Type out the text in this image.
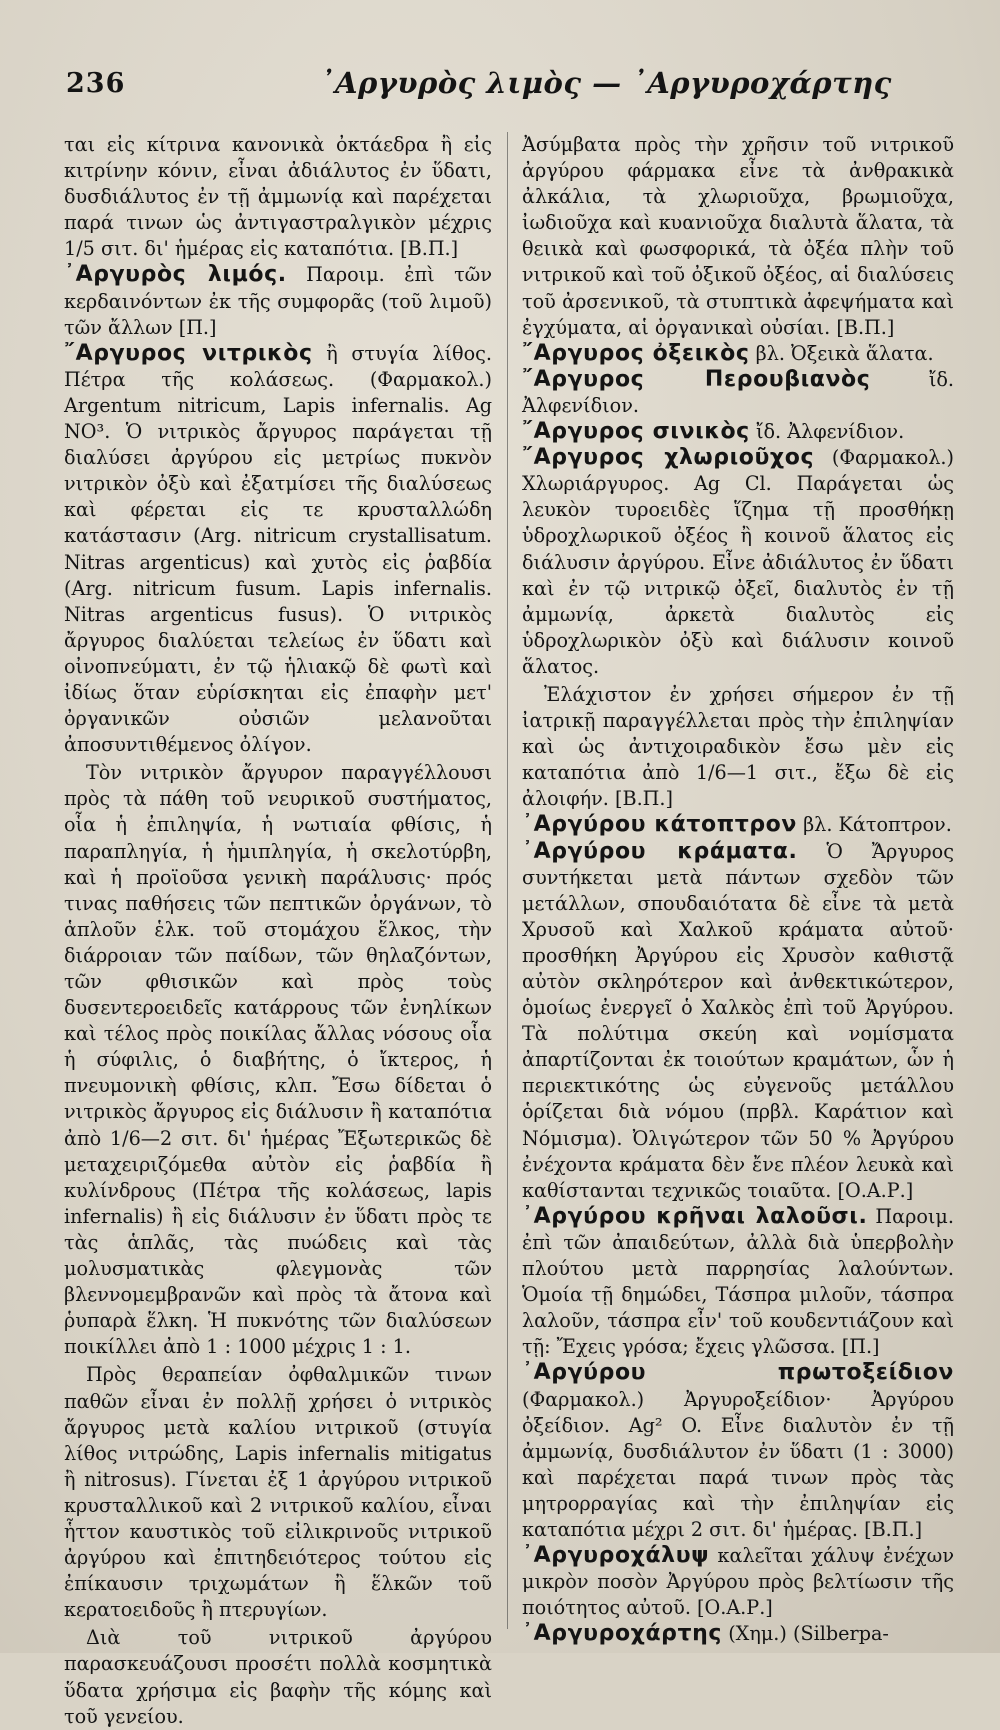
236	᾿Αργυρὸς λιμὸς — ᾿Αργυροχάρτης

ται εἰς κίτρινα κανονικὰ ὀκτάεδρα ἢ εἰς κιτρίνην κόνιν, εἶναι ἀδιάλυτος ἐν ὕδατι, δυσδιάλυτος ἐν τῇ ἀμμωνίᾳ καὶ παρέχεται παρά τινων ὡς ἀντιγαστραλγικὸν μέχρις 1/5 σιτ. δι' ἡμέρας εἰς καταπότια. [Β.Π.]

᾿Αργυρὸς λιμός. Παροιμ. ἐπὶ τῶν κερδαινόντων ἐκ τῆς συμφορᾶς (τοῦ λιμοῦ) τῶν ἄλλων [Π.]

῎Αργυρος νιτρικὸς ἢ στυγία λίθος. Πέτρα τῆς κολάσεως. (Φαρμακολ.) Argentum nitricum, Lapis infernalis. Ag NO³. Ὁ νιτρικὸς ἄργυρος παράγεται τῇ διαλύσει ἀργύρου εἰς μετρίως πυκνὸν νιτρικὸν ὀξὺ καὶ ἐξατμίσει τῆς διαλύσεως καὶ φέρεται εἰς τε κρυσταλλώδη κατάστασιν (Arg. nitricum crystallisatum. Nitras argenticus) καὶ χυτὸς εἰς ῥαβδία (Arg. nitricum fusum. Lapis infernalis. Nitras argenticus fusus). Ὁ νιτρικὸς ἄργυρος διαλύεται τελείως ἐν ὕδατι καὶ οἰνοπνεύματι, ἐν τῷ ἡλιακῷ δὲ φωτὶ καὶ ἰδίως ὅταν εὑρίσκηται εἰς ἐπαφὴν μετ' ὀργανικῶν οὐσιῶν μελανοῦται ἀποσυντιθέμενος ὀλίγον.

Τὸν νιτρικὸν ἄργυρον παραγγέλλουσι πρὸς τὰ πάθη τοῦ νευρικοῦ συστήματος, οἷα ἡ ἐπιληψία, ἡ νωτιαία φθίσις, ἡ παραπληγία, ἡ ἡμιπληγία, ἡ σκελοτύρβη, καὶ ἡ προϊοῦσα γενικὴ παράλυσις· πρός τινας παθήσεις τῶν πεπτικῶν ὀργάνων, τὸ ἁπλοῦν ἑλκ. τοῦ στομάχου ἕλκος, τὴν διάρροιαν τῶν παίδων, τῶν θηλαζόντων, τῶν φθισικῶν καὶ πρὸς τοὺς δυσεντεροειδεῖς κατάρρους τῶν ἐνηλίκων καὶ τέλος πρὸς ποικίλας ἄλλας νόσους οἷα ἡ σύφιλις, ὁ διαβήτης, ὁ ἴκτερος, ἡ πνευμονικὴ φθίσις, κλπ. Ἔσω δίδεται ὁ νιτρικὸς ἄργυρος εἰς διάλυσιν ἢ καταπότια ἀπὸ 1/6—2 σιτ. δι' ἡμέρας Ἔξωτερικῶς δὲ μεταχειριζόμεθα αὐτὸν εἰς ῥαβδία ἢ κυλίνδρους (Πέτρα τῆς κολάσεως, lapis infernalis) ἢ εἰς διάλυσιν ἐν ὕδατι πρὸς τε τὰς ἁπλᾶς, τὰς πυώδεις καὶ τὰς μολυσματικὰς φλεγμονὰς τῶν βλεννομεμβρανῶν καὶ πρὸς τὰ ἄτονα καὶ ῥυπαρὰ ἕλκη. Ἡ πυκνότης τῶν διαλύσεων ποικίλλει ἀπὸ 1 : 1000 μέχρις 1 : 1.

Πρὸς θεραπείαν ὀφθαλμικῶν τινων παθῶν εἶναι ἐν πολλῇ χρήσει ὁ νιτρικὸς ἄργυρος μετὰ καλίου νιτρικοῦ (στυγία λίθος νιτρώδης, Lapis infernalis mitigatus ἢ nitrosus). Γίνεται ἐξ 1 ἀργύρου νιτρικοῦ κρυσταλλικοῦ καὶ 2 νιτρικοῦ καλίου, εἶναι ἧττον καυστικὸς τοῦ εἰλικρινοῦς νιτρικοῦ ἀργύρου καὶ ἐπιτηδειότερος τούτου εἰς ἐπίκαυσιν τριχωμάτων ἢ ἕλκῶν τοῦ κερατοειδοῦς ἢ πτερυγίων.

Διὰ τοῦ νιτρικοῦ ἀργύρου παρασκευάζουσι προσέτι πολλὰ κοσμητικὰ ὕδατα χρήσιμα εἰς βαφὴν τῆς κόμης καὶ τοῦ γενείου.

Ἀσύμβατα πρὸς τὴν χρῆσιν τοῦ νιτρικοῦ ἀργύρου φάρμακα εἶνε τὰ ἀνθρακικὰ ἀλκάλια, τὰ χλωριοῦχα, βρωμιοῦχα, ἰωδιοῦχα καὶ κυανιοῦχα διαλυτὰ ἅλατα, τὰ θειικὰ καὶ φωσφορικά, τὰ ὀξέα πλὴν τοῦ νιτρικοῦ καὶ τοῦ ὀξικοῦ ὀξέος, αἱ διαλύσεις τοῦ ἀρσενικοῦ, τὰ στυπτικὰ ἀφεψήματα καὶ ἐγχύματα, αἱ ὀργανικαὶ οὐσίαι. [Β.Π.]

῎Αργυρος ὀξεικὸς βλ. Ὀξεικὰ ἅλατα.

῎Αργυρος Περουβιανὸς	ἴδ. Ἀλφενίδιον.

῎Αργυρος σινικὸς ἴδ. Ἀλφενίδιον.

῎Αργυρος χλωριοῦχος (Φαρμακολ.) Χλωριάργυρος. Ag Cl. Παράγεται ὡς λευκὸν τυροειδὲς ἵζημα τῇ προσθήκῃ ὑδροχλωρικοῦ ὀξέος ἢ κοινοῦ ἅλατος εἰς διάλυσιν ἀργύρου. Εἶνε ἀδιάλυτος ἐν ὕδατι καὶ ἐν τῷ νιτρικῷ ὀξεῖ, διαλυτὸς ἐν τῇ ἀμμωνίᾳ, ἀρκετὰ διαλυτὸς εἰς ὑδροχλωρικὸν ὀξὺ καὶ διάλυσιν κοινοῦ ἅλατος.

Ἐλάχιστον ἐν χρήσει σήμερον ἐν τῇ ἰατρικῇ παραγγέλλεται πρὸς τὴν ἐπιληψίαν καὶ ὡς ἀντιχοιραδικὸν ἔσω μὲν εἰς καταπότια ἀπὸ 1/6—1 σιτ., ἔξω δὲ εἰς ἀλοιφήν. [Β.Π.]

᾿Αργύρου κάτοπτρον βλ. Κάτοπτρον.

᾿Αργύρου κράματα. Ὁ Ἄργυρος συντήκεται μετὰ πάντων σχεδὸν τῶν μετάλλων, σπουδαιότατα δὲ εἶνε τὰ μετὰ Χρυσοῦ καὶ Χαλκοῦ κράματα αὐτοῦ· προσθήκη Ἀργύρου εἰς Χρυσὸν καθιστᾷ αὐτὸν σκληρότερον καὶ ἀνθεκτικώτερον, ὁμοίως ἐνεργεῖ ὁ Χαλκὸς ἐπὶ τοῦ Ἀργύρου. Τὰ πολύτιμα σκεύη καὶ νομίσματα ἀπαρτίζονται ἐκ τοιούτων κραμάτων, ὧν ἡ περιεκτικότης ὡς εὐγενοῦς μετάλλου ὁρίζεται διὰ νόμου (πρβλ. Καράτιον καὶ Νόμισμα). Ὀλιγώτερον τῶν 50 % Ἀργύρου ἐνέχοντα κράματα δὲν ἔνε πλέον λευκὰ καὶ καθίστανται τεχνικῶς τοιαῦτα. [Ο.Α.Ρ.]

᾿Αργύρου κρῆναι λαλοῦσι. Παροιμ. ἐπὶ τῶν ἀπαιδεύτων, ἀλλὰ διὰ ὑπερβολὴν πλούτου μετὰ παρρησίας λαλούντων. Ὁμοία τῇ δημώδει, Τάσπρα μιλοῦν, τάσπρα λαλοῦν, τάσπρα εἶν' τοῦ κουδεντιάζουν καὶ τῇ: Ἔχεις γρόσα; ἔχεις γλῶσσα. [Π.]

᾿Αργύρου πρωτοξείδιον (Φαρμακολ.) Ἀργυροξείδιον· Ἀργύρου ὀξείδιον. Ag² O. Εἶνε διαλυτὸν ἐν τῇ ἀμμωνίᾳ, δυσδιάλυτον ἐν ὕδατι (1 : 3000) καὶ παρέχεται παρά τινων πρὸς τὰς μητρορραγίας καὶ τὴν ἐπιληψίαν εἰς καταπότια μέχρι 2 σιτ. δι' ἡμέρας. [Β.Π.]

᾿Αργυροχάλυψ καλεῖται χάλυψ ἐνέχων μικρὸν ποσὸν Ἀργύρου πρὸς βελτίωσιν τῆς ποιότητος αὐτοῦ. [Ο.Α.Ρ.]

᾿Αργυροχάρτης (Χημ.) (Silberpa-
